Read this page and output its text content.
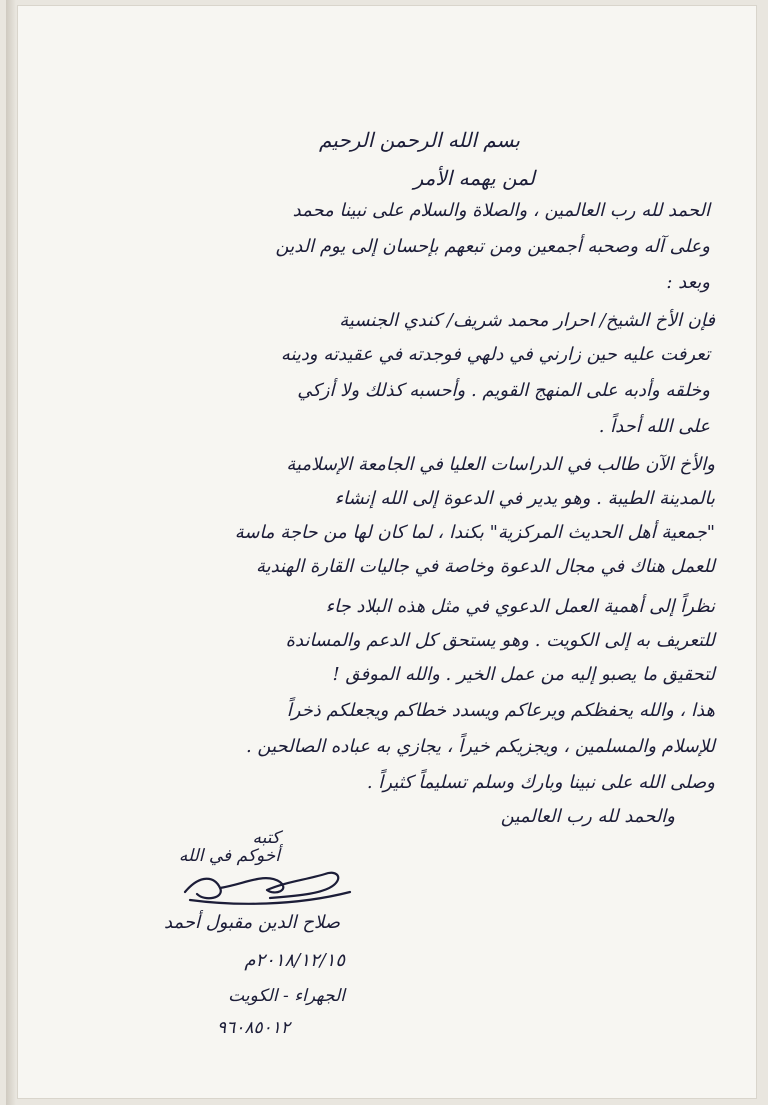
بسم الله الرحمن الرحيم
لمن يهمه الأمر
الحمد لله رب العالمين ، والصلاة والسلام على نبينا محمد
وعلى آله وصحبه أجمعين ومن تبعهم بإحسان إلى يوم الدين
وبعد :
فإن الأخ الشيخ/ احرار محمد شريف/ كندي الجنسية
تعرفت عليه حين زارني في دلهي فوجدته في عقيدته ودينه
وخلقه وأدبه على المنهج القويم . وأحسبه كذلك ولا أزكي
على الله أحداً .
والأخ الآن طالب في الدراسات العليا في الجامعة الإسلامية
بالمدينة الطيبة . وهو يدير في الدعوة إلى الله إنشاء
"جمعية أهل الحديث المركزية" بكندا ، لما كان لها من حاجة ماسة
للعمل هناك في مجال الدعوة وخاصة في جاليات القارة الهندية
نظراً إلى أهمية العمل الدعوي في مثل هذه البلاد جاء
للتعريف به إلى الكويت . وهو يستحق كل الدعم والمساندة
لتحقيق ما يصبو إليه من عمل الخير . والله الموفق !
هذا ، والله يحفظكم ويرعاكم ويسدد خطاكم ويجعلكم ذخراً
للإسلام والمسلمين ، ويجزيكم خيراً ، يجازي به عباده الصالحين .
وصلى الله على نبينا وبارك وسلم تسليماً كثيراً .
والحمد لله رب العالمين
كتبه
أخوكم في الله
صلاح الدين مقبول أحمد
٢٠١٨/١٢/١٥م
الجهراء - الكويت
٩٦٠٨٥٠١٢
